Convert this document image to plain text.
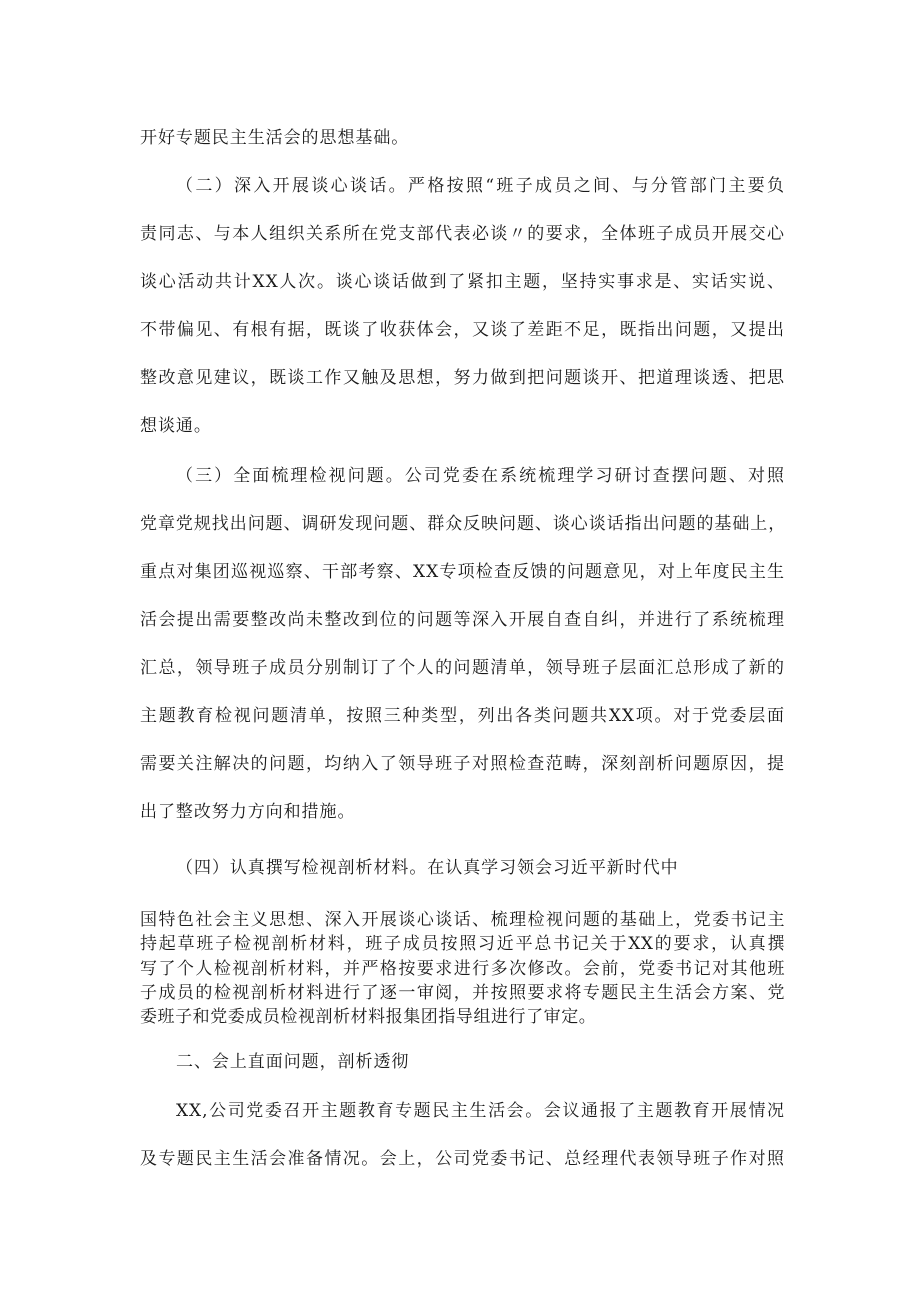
开好专题民主生活会的思想基础。
（二）深入开展谈心谈话。严格按照“班子成员之间、与分管部门主要负
责同志、与本人组织关系所在党支部代表必谈〃的要求，全体班子成员开展交心
谈心活动共计XX人次。谈心谈话做到了紧扣主题，坚持实事求是、实话实说、
不带偏见、有根有据，既谈了收获体会，又谈了差距不足，既指出问题，又提出
整改意见建议，既谈工作又触及思想，努力做到把问题谈开、把道理谈透、把思
想谈通。
（三）全面梳理检视问题。公司党委在系统梳理学习研讨查摆问题、对照
党章党规找出问题、调研发现问题、群众反映问题、谈心谈话指出问题的基础上，
重点对集团巡视巡察、干部考察、XX专项检查反馈的问题意见，对上年度民主生
活会提出需要整改尚未整改到位的问题等深入开展自查自纠，并进行了系统梳理
汇总，领导班子成员分别制订了个人的问题清单，领导班子层面汇总形成了新的
主题教育检视问题清单，按照三种类型，列出各类问题共XX项。对于党委层面
需要关注解决的问题，均纳入了领导班子对照检查范畴，深刻剖析问题原因，提
出了整改努力方向和措施。
（四）认真撰写检视剖析材料。在认真学习领会习近平新时代中
国特色社会主义思想、深入开展谈心谈话、梳理检视问题的基础上，党委书记主
持起草班子检视剖析材料，班子成员按照习近平总书记关于XX的要求，认真撰
写了个人检视剖析材料，并严格按要求进行多次修改。会前，党委书记对其他班
子成员的检视剖析材料进行了逐一审阅，并按照要求将专题民主生活会方案、党
委班子和党委成员检视剖析材料报集团指导组进行了审定。
二、会上直面问题，剖析透彻
XX,公司党委召开主题教育专题民主生活会。会议通报了主题教育开展情况
及专题民主生活会准备情况。会上，公司党委书记、总经理代表领导班子作对照
